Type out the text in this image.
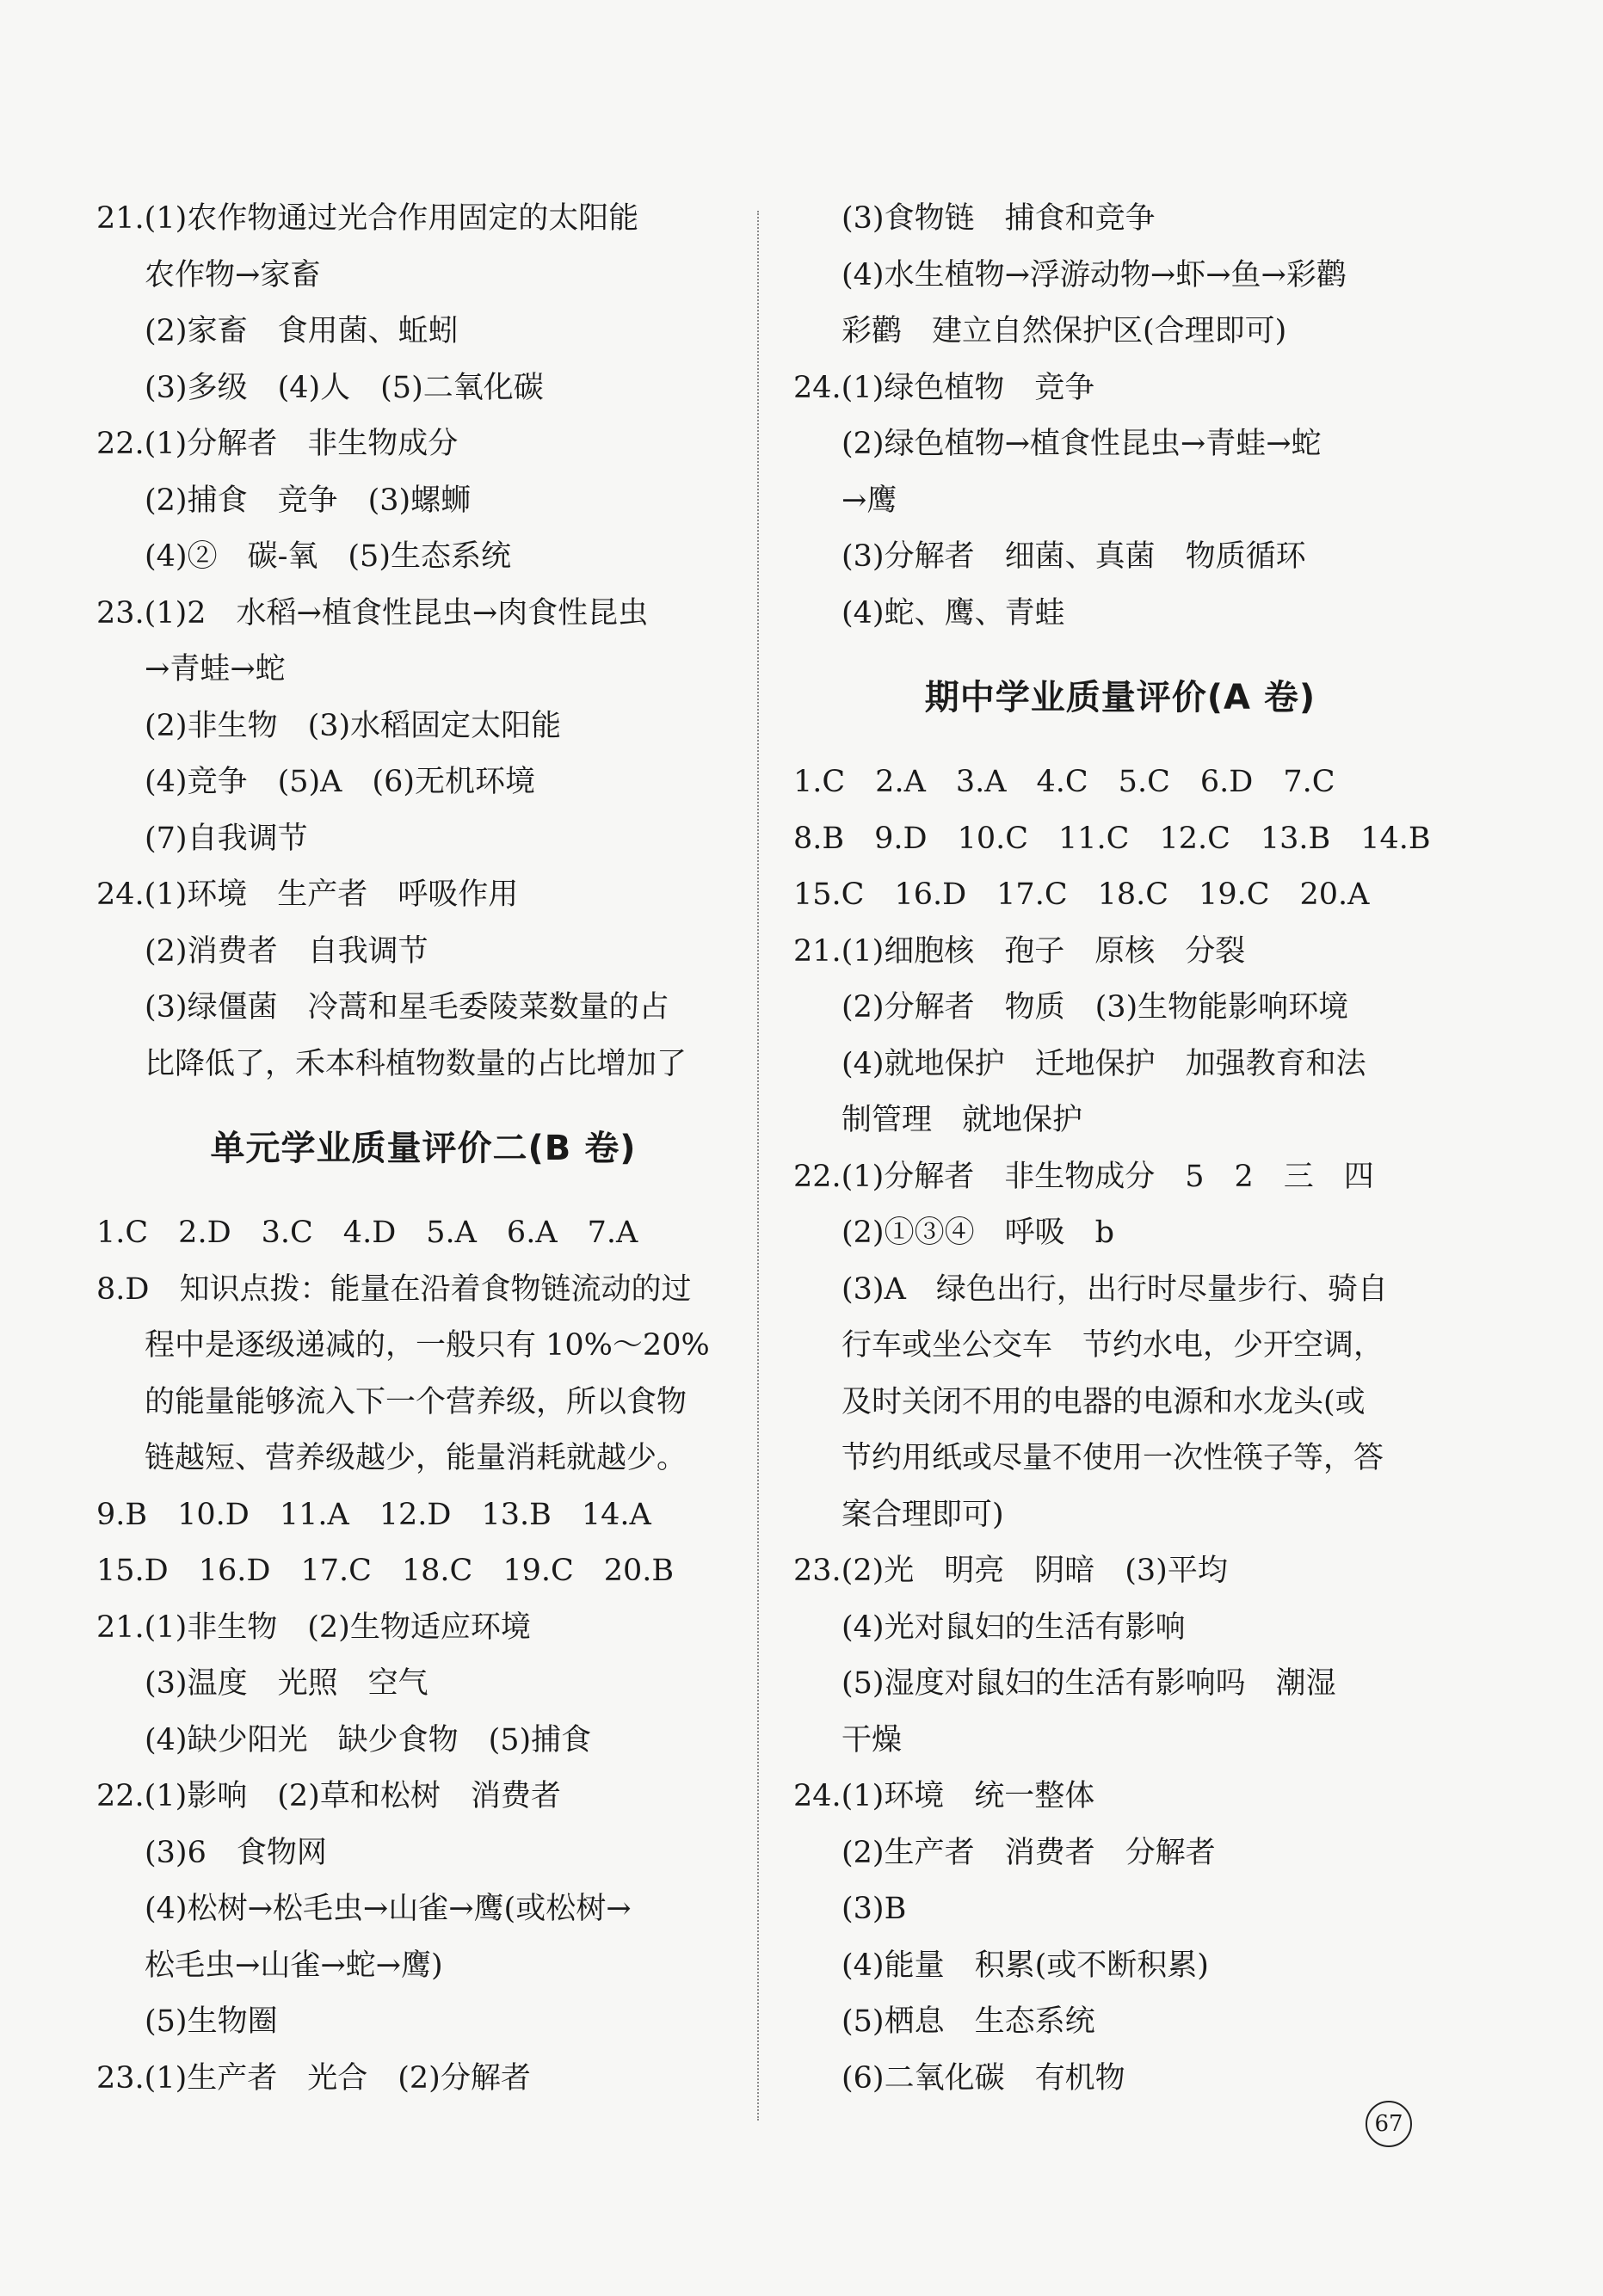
21.(1)农作物通过光合作用固定的太阳能
农作物→家畜
(2)家畜　食用菌、蚯蚓
(3)多级　(4)人　(5)二氧化碳
22.(1)分解者　非生物成分
(2)捕食　竞争　(3)螺蛳
(4)②　碳-氧　(5)生态系统
23.(1)2　水稻→植食性昆虫→肉食性昆虫
→青蛙→蛇
(2)非生物　(3)水稻固定太阳能
(4)竞争　(5)A　(6)无机环境
(7)自我调节
24.(1)环境　生产者　呼吸作用
(2)消费者　自我调节
(3)绿僵菌　冷蒿和星毛委陵菜数量的占
比降低了，禾本科植物数量的占比增加了
单元学业质量评价二(B 卷)
1.C　2.D　3.C　4.D　5.A　6.A　7.A
8.D　知识点拨：能量在沿着食物链流动的过
程中是逐级递减的，一般只有 10%～20%
的能量能够流入下一个营养级，所以食物
链越短、营养级越少，能量消耗就越少。
9.B　10.D　11.A　12.D　13.B　14.A
15.D　16.D　17.C　18.C　19.C　20.B
21.(1)非生物　(2)生物适应环境
(3)温度　光照　空气
(4)缺少阳光　缺少食物　(5)捕食
22.(1)影响　(2)草和松树　消费者
(3)6　食物网
(4)松树→松毛虫→山雀→鹰(或松树→
松毛虫→山雀→蛇→鹰)
(5)生物圈
23.(1)生产者　光合　(2)分解者
(3)食物链　捕食和竞争
(4)水生植物→浮游动物→虾→鱼→彩鹳
彩鹳　建立自然保护区(合理即可)
24.(1)绿色植物　竞争
(2)绿色植物→植食性昆虫→青蛙→蛇
→鹰
(3)分解者　细菌、真菌　物质循环
(4)蛇、鹰、青蛙
期中学业质量评价(A 卷)
1.C　2.A　3.A　4.C　5.C　6.D　7.C
8.B　9.D　10.C　11.C　12.C　13.B　14.B
15.C　16.D　17.C　18.C　19.C　20.A
21.(1)细胞核　孢子　原核　分裂
(2)分解者　物质　(3)生物能影响环境
(4)就地保护　迁地保护　加强教育和法
制管理　就地保护
22.(1)分解者　非生物成分　5　2　三　四
(2)①③④　呼吸　b
(3)A　绿色出行，出行时尽量步行、骑自
行车或坐公交车　节约水电，少开空调，
及时关闭不用的电器的电源和水龙头(或
节约用纸或尽量不使用一次性筷子等，答
案合理即可)
23.(2)光　明亮　阴暗　(3)平均
(4)光对鼠妇的生活有影响
(5)湿度对鼠妇的生活有影响吗　潮湿
干燥
24.(1)环境　统一整体
(2)生产者　消费者　分解者
(3)B
(4)能量　积累(或不断积累)
(5)栖息　生态系统
(6)二氧化碳　有机物
67
